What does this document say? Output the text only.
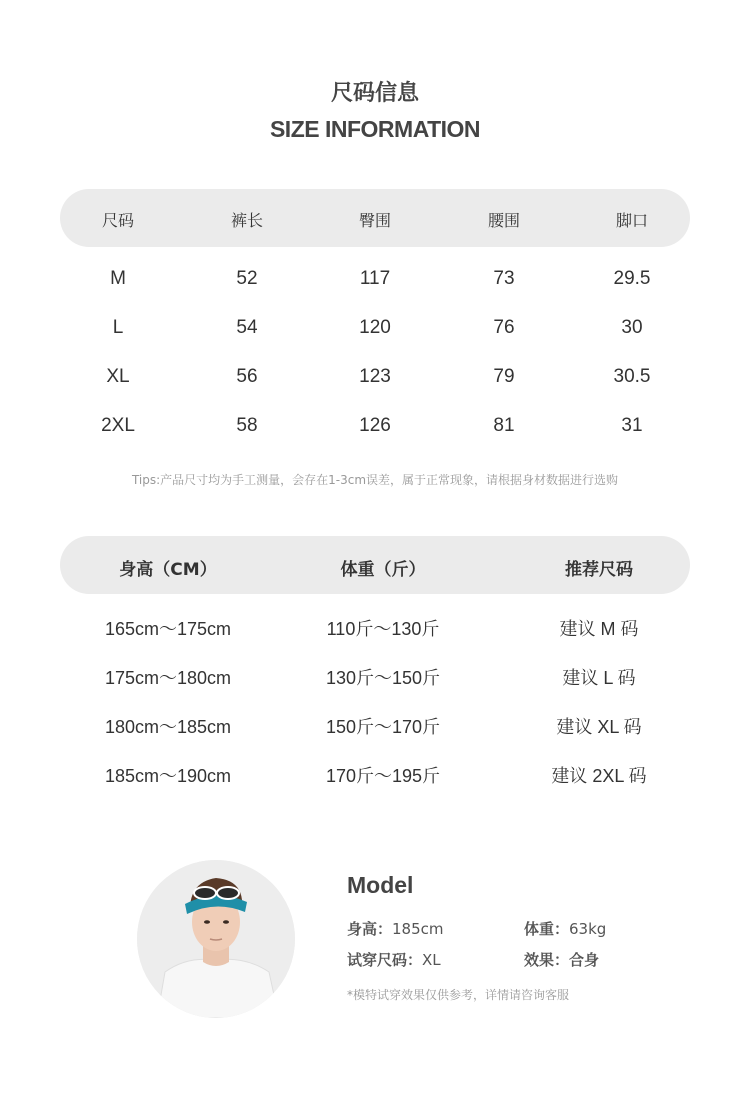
尺码信息
SIZE INFORMATION
尺码	裤长	臀围	腰围	脚口
M	52	117	73	29.5
L	54	120	76	30
XL	56	123	79	30.5
2XL	58	126	81	31
Tips:产品尺寸均为手工测量，会存在1-3cm误差，属于正常现象，请根据身材数据进行选购
身高（CM）	体重（斤）	推荐尺码
165cm～175cm	110斤～130斤	建议 M 码
175cm～180cm	130斤～150斤	建议 L 码
180cm～185cm	150斤～170斤	建议 XL 码
185cm～190cm	170斤～195斤	建议 2XL 码
Model
身高：185cm	体重：63kg
试穿尺码：XL	效果：合身
*模特试穿效果仅供参考，详情请咨询客服
